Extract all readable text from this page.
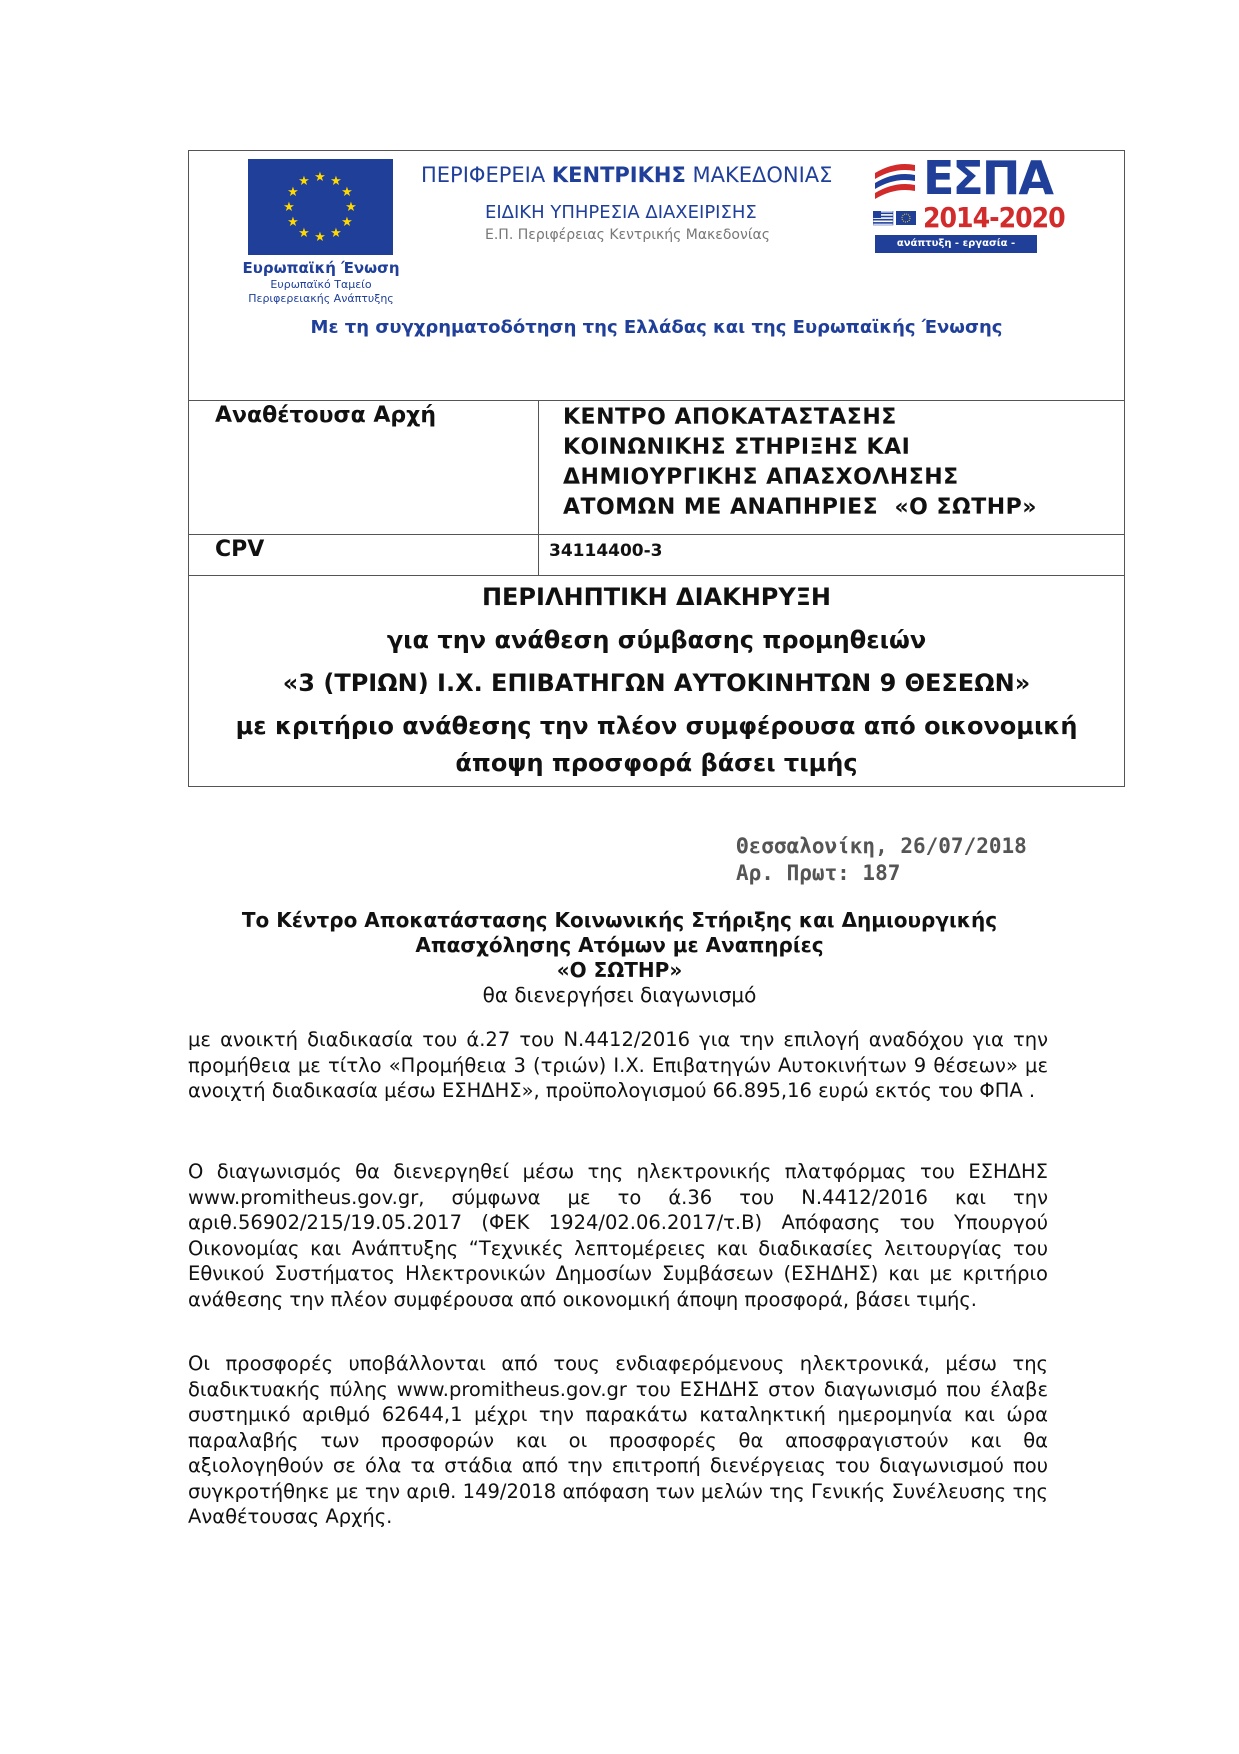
★ ★
★
★
★
★
★
★
★
★
★
★
Ευρωπαϊκή Ένωση
Ευρωπαϊκό Ταμείο
Περιφερειακής Ανάπτυξης
ΠΕΡΙΦΕΡΕΙΑ ΚΕΝΤΡΙΚΗΣ ΜΑΚΕΔΟΝΙΑΣ
ΕΙΔΙΚΗ ΥΠΗΡΕΣΙΑ ΔΙΑΧΕΙΡΙΣΗΣ
Ε.Π. Περιφέρειας Κεντρικής Μακεδονίας
ΕΣΠΑ
2014-2020
ανάπτυξη - εργασία - αλληλεγγύη
Με τη συγχρηματοδότηση της Ελλάδας και της Ευρωπαϊκής Ένωσης
Αναθέτουσα Αρχή	ΚΕΝΤΡΟ ΑΠΟΚΑΤΑΣΤΑΣΗΣ
ΚΟΙΝΩΝΙΚΗΣ ΣΤΗΡΙΞΗΣ ΚΑΙ
ΔΗΜΙΟΥΡΓΙΚΗΣ ΑΠΑΣΧΟΛΗΣΗΣ
ΑΤΟΜΩΝ ΜΕ ΑΝΑΠΗΡΙΕΣ  «Ο ΣΩΤΗΡ»

CPV	34114400-3

ΠΕΡΙΛΗΠΤΙΚΗ ΔΙΑΚΗΡΥΞΗ
για την ανάθεση σύμβασης προμηθειών
«3 (ΤΡΙΩΝ) Ι.Χ. ΕΠΙΒΑΤΗΓΩΝ ΑΥΤΟΚΙΝΗΤΩΝ 9 ΘΕΣΕΩΝ»
με κριτήριο ανάθεσης την πλέον συμφέρουσα από οικονομική
άποψη προσφορά βάσει τιμής	
Θεσσαλονίκη, 26/07/2018
Αρ. Πρωτ: 187
Το Κέντρο Αποκατάστασης Κοινωνικής Στήριξης και Δημιουργικής
Απασχόλησης Ατόμων με Αναπηρίες
«Ο ΣΩΤΗΡ»
θα διενεργήσει διαγωνισμό

με ανοικτή διαδικασία του ά.27 του Ν.4412/2016 για την επιλογή αναδόχου για την προμήθεια με τίτλο «Προμήθεια 3 (τριών) Ι.Χ. Επιβατηγών Αυτοκινήτων 9 θέσεων» με ανοιχτή διαδικασία μέσω ΕΣΗΔΗΣ», προϋπολογισμού 66.895,16 ευρώ εκτός του ΦΠΑ .

Ο διαγωνισμός θα διενεργηθεί μέσω της ηλεκτρονικής πλατφόρμας του ΕΣΗΔΗΣ www.promitheus.gov.gr, σύμφωνα με το ά.36 του Ν.4412/2016 και την αριθ.56902/215/19.05.2017 (ΦΕΚ 1924/02.06.2017/τ.Β) Απόφασης του Υπουργού Οικονομίας και Ανάπτυξης “Τεχνικές λεπτομέρειες και διαδικασίες λειτουργίας του Εθνικού Συστήματος Ηλεκτρονικών Δημοσίων Συμβάσεων (ΕΣΗΔΗΣ) και με κριτήριο ανάθεσης την πλέον συμφέρουσα από οικονομική άποψη προσφορά, βάσει τιμής.

Οι προσφορές υποβάλλονται από τους ενδιαφερόμενους ηλεκτρονικά, μέσω της διαδικτυακής πύλης www.promitheus.gov.gr του ΕΣΗΔΗΣ στον διαγωνισμό που έλαβε συστημικό αριθμό 62644,1 μέχρι την παρακάτω καταληκτική ημερομηνία και ώρα παραλαβής των προσφορών και οι προσφορές θα αποσφραγιστούν και θα αξιολογηθούν σε όλα τα στάδια από την επιτροπή διενέργειας του διαγωνισμού που συγκροτήθηκε με την αριθ. 149/2018 απόφαση των μελών της Γενικής Συνέλευσης της Αναθέτουσας Αρχής.
